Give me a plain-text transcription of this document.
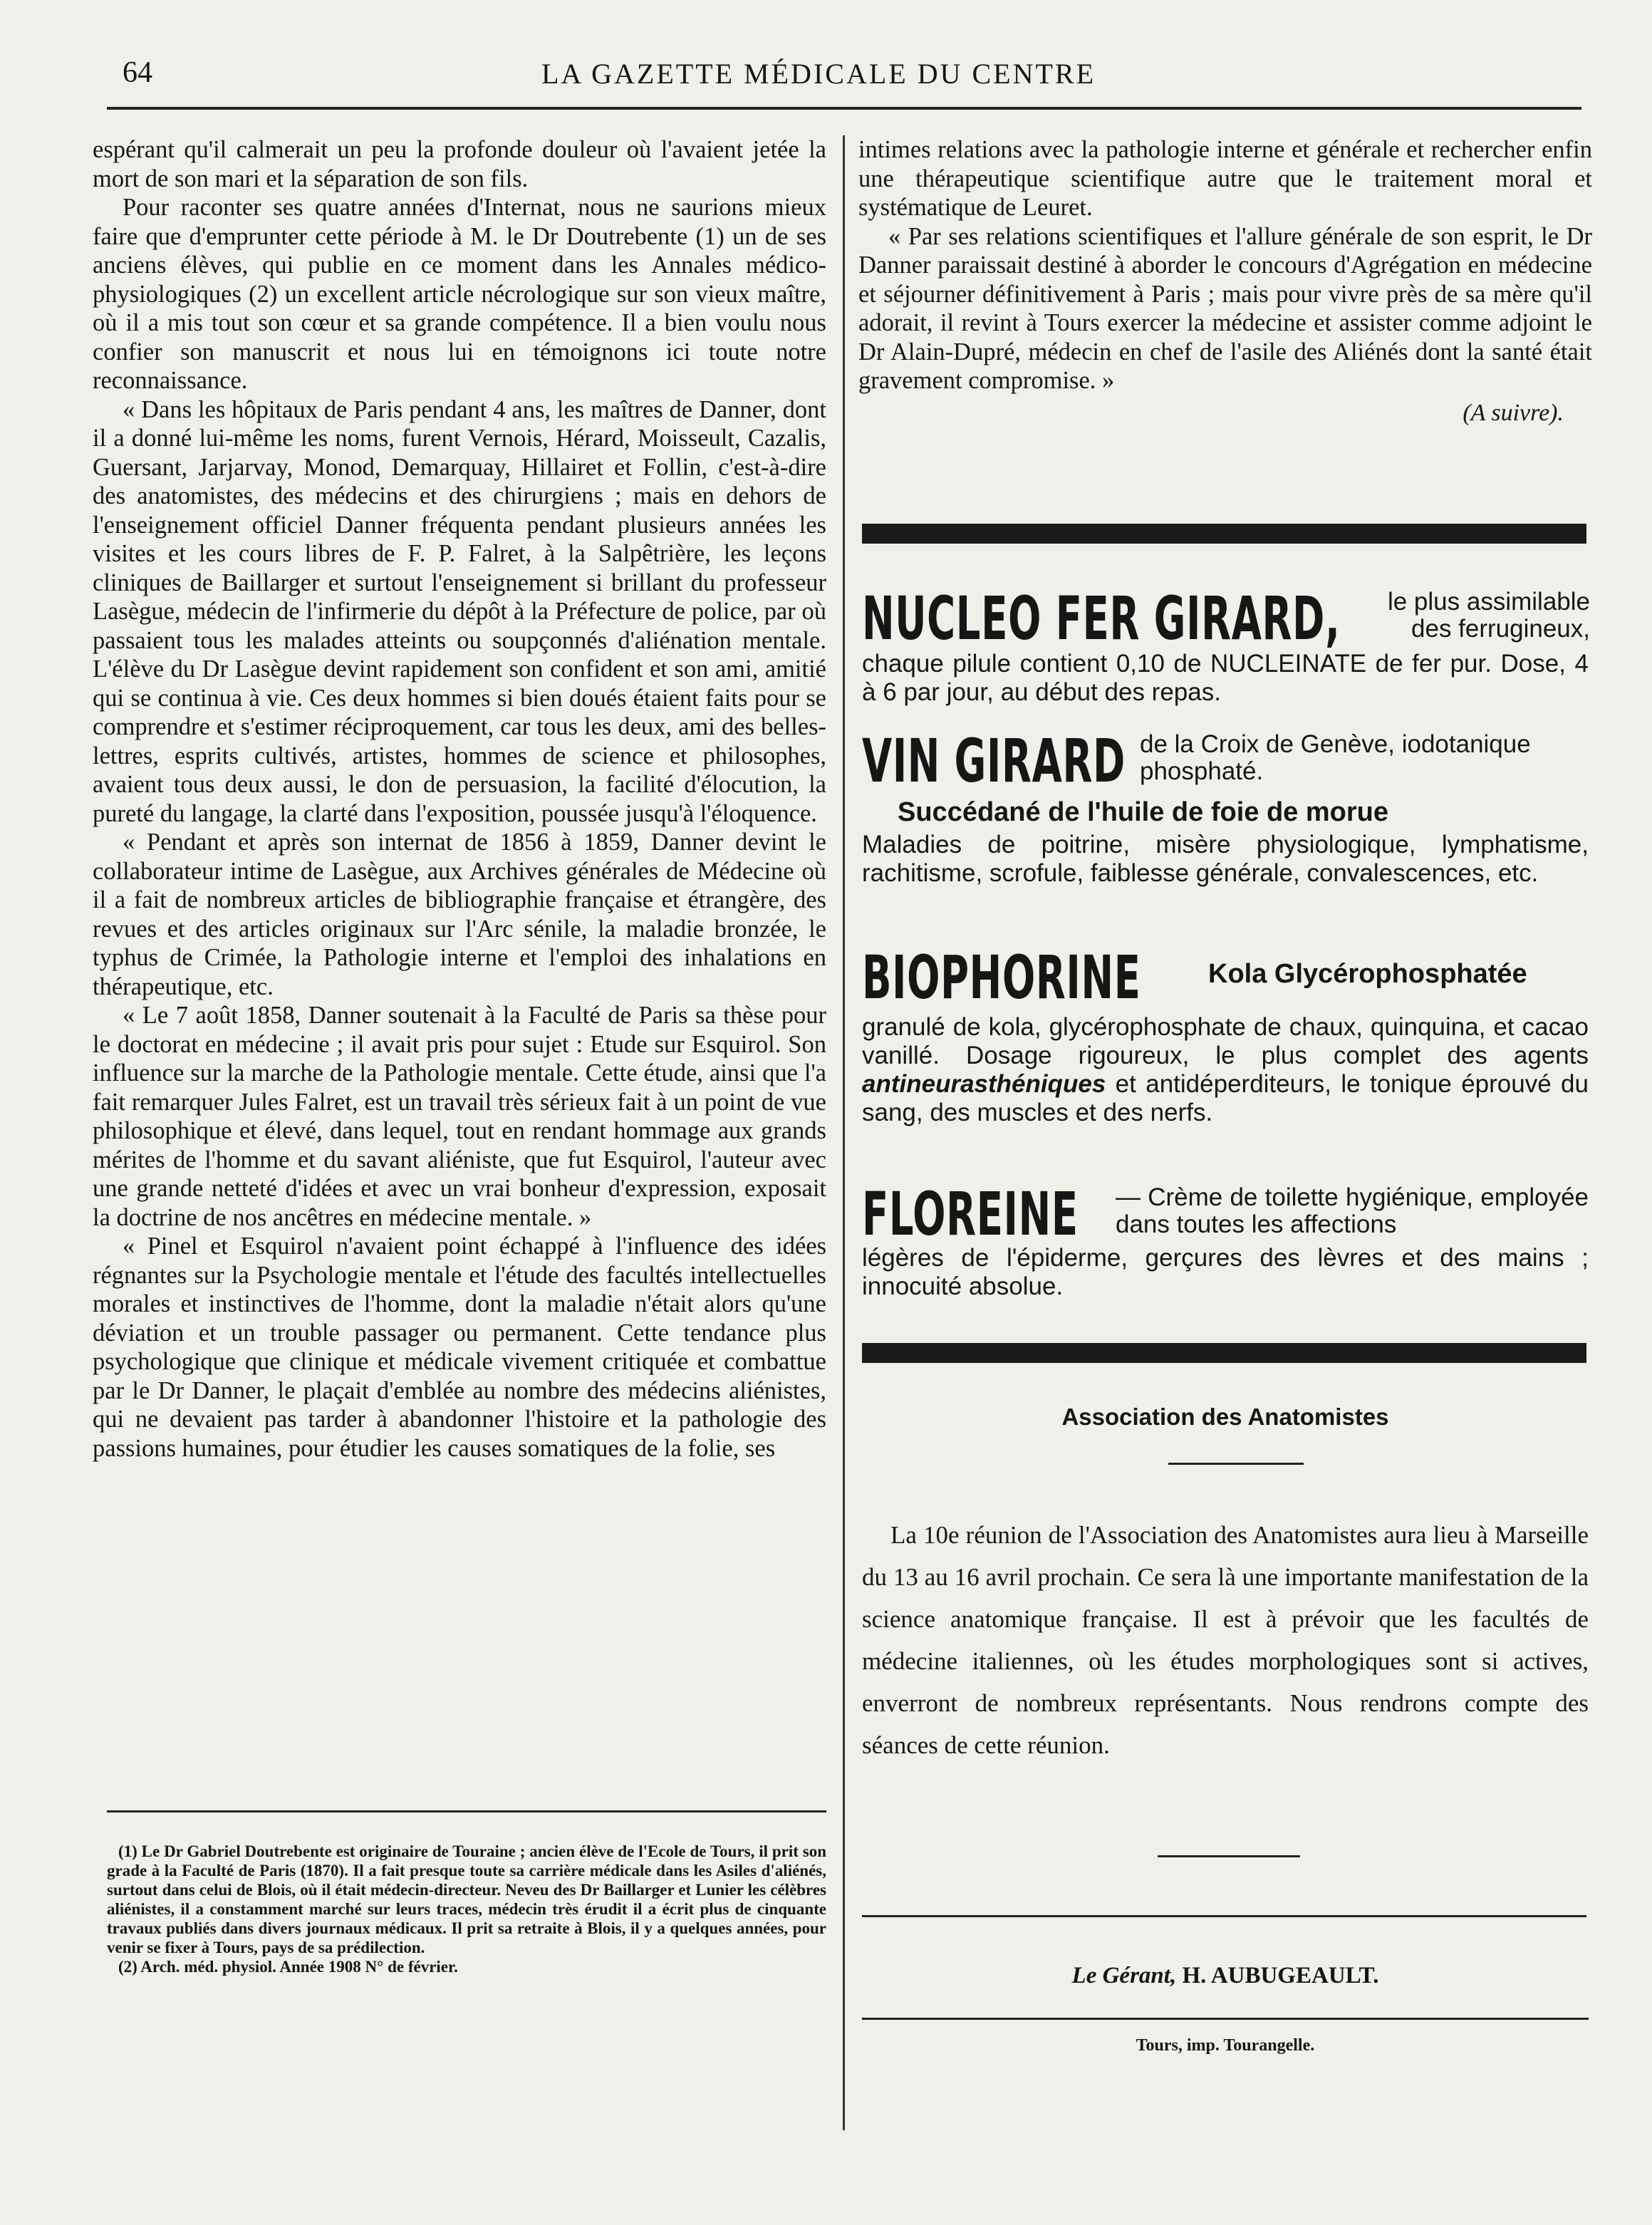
64	LA GAZETTE MÉDICALE DU CENTRE

espérant qu'il calmerait un peu la profonde douleur où l'avaient jetée la mort de son mari et la séparation de son fils.

Pour raconter ses quatre années d'Internat, nous ne saurions mieux faire que d'emprunter cette période à M. le Dr Doutrebente (1) un de ses anciens élèves, qui publie en ce moment dans les Annales médico-physiologiques (2) un excellent article nécrologique sur son vieux maître, où il a mis tout son cœur et sa grande compétence. Il a bien voulu nous confier son manuscrit et nous lui en témoignons ici toute notre reconnaissance.

« Dans les hôpitaux de Paris pendant 4 ans, les maîtres de Danner, dont il a donné lui-même les noms, furent Vernois, Hérard, Moisseult, Cazalis, Guersant, Jarjarvay, Monod, Demarquay, Hillairet et Follin, c'est-à-dire des anatomistes, des médecins et des chirurgiens ; mais en dehors de l'enseignement officiel Danner fréquenta pendant plusieurs années les visites et les cours libres de F. P. Falret, à la Salpêtrière, les leçons cliniques de Baillarger et surtout l'enseignement si brillant du professeur Lasègue, médecin de l'infirmerie du dépôt à la Préfecture de police, par où passaient tous les malades atteints ou soupçonnés d'aliénation mentale. L'élève du Dr Lasègue devint rapidement son confident et son ami, amitié qui se continua à vie. Ces deux hommes si bien doués étaient faits pour se comprendre et s'estimer réciproquement, car tous les deux, ami des belles-lettres, esprits cultivés, artistes, hommes de science et philosophes, avaient tous deux aussi, le don de persuasion, la facilité d'élocution, la pureté du langage, la clarté dans l'exposition, poussée jusqu'à l'éloquence.

« Pendant et après son internat de 1856 à 1859, Danner devint le collaborateur intime de Lasègue, aux Archives générales de Médecine où il a fait de nombreux articles de bibliographie française et étrangère, des revues et des articles originaux sur l'Arc sénile, la maladie bronzée, le typhus de Crimée, la Pathologie interne et l'emploi des inhalations en thérapeutique, etc.

« Le 7 août 1858, Danner soutenait à la Faculté de Paris sa thèse pour le doctorat en médecine ; il avait pris pour sujet : Etude sur Esquirol. Son influence sur la marche de la Pathologie mentale. Cette étude, ainsi que l'a fait remarquer Jules Falret, est un travail très sérieux fait à un point de vue philosophique et élevé, dans lequel, tout en rendant hommage aux grands mérites de l'homme et du savant aliéniste, que fut Esquirol, l'auteur avec une grande netteté d'idées et avec un vrai bonheur d'expression, exposait la doctrine de nos ancêtres en médecine mentale. »

« Pinel et Esquirol n'avaient point échappé à l'influence des idées régnantes sur la Psychologie mentale et l'étude des facultés intellectuelles morales et instinctives de l'homme, dont la maladie n'était alors qu'une déviation et un trouble passager ou permanent. Cette tendance plus psychologique que clinique et médicale vivement critiquée et combattue par le Dr Danner, le plaçait d'emblée au nombre des médecins aliénistes, qui ne devaient pas tarder à abandonner l'histoire et la pathologie des passions humaines, pour étudier les causes somatiques de la folie, ses

(1) Le Dr Gabriel Doutrebente est originaire de Touraine ; ancien élève de l'Ecole de Tours, il prit son grade à la Faculté de Paris (1870). Il a fait presque toute sa carrière médicale dans les Asiles d'aliénés, surtout dans celui de Blois, où il était médecin-directeur. Neveu des Dr Baillarger et Lunier les célèbres aliénistes, il a constamment marché sur leurs traces, médecin très érudit il a écrit plus de cinquante travaux publiés dans divers journaux médicaux. Il prit sa retraite à Blois, il y a quelques années, pour venir se fixer à Tours, pays de sa prédilection.

(2) Arch. méd. physiol. Année 1908 N° de février.

intimes relations avec la pathologie interne et générale et rechercher enfin une thérapeutique scientifique autre que le traitement moral et systématique de Leuret.

« Par ses relations scientifiques et l'allure générale de son esprit, le Dr Danner paraissait destiné à aborder le concours d'Agrégation en médecine et séjourner définitivement à Paris ; mais pour vivre près de sa mère qu'il adorait, il revint à Tours exercer la médecine et assister comme adjoint le Dr Alain-Dupré, médecin en chef de l'asile des Aliénés dont la santé était gravement compromise. »

(A suivre).

NUCLEO FER GIRARD,	le plus assimilable des ferrugineux,

chaque pilule contient 0,10 de NUCLEINATE de fer pur. Dose, 4 à 6 par jour, au début des repas.

VIN GIRARD de la Croix de Genève, iodotanique phosphaté.

Succédané de l'huile de foie de morue

Maladies de poitrine, misère physiologique, lymphatisme, rachitisme, scrofule, faiblesse générale, convalescences, etc.

BIOPHORINE Kola Glycérophosphatée

granulé de kola, glycérophosphate de chaux, quinquina, et cacao vanillé. Dosage rigoureux, le plus complet des agents antineurasthéniques et antidéperditeurs, le tonique éprouvé du sang, des muscles et des nerfs.

FLOREINE — Crème de toilette hygiénique, employée dans toutes les affections

légères de l'épiderme, gerçures des lèvres et des mains ; innocuité absolue.

Association des Anatomistes

La 10e réunion de l'Association des Anatomistes aura lieu à Marseille du 13 au 16 avril prochain. Ce sera là une importante manifestation de la science anatomique française. Il est à prévoir que les facultés de médecine italiennes, où les études morphologiques sont si actives, enverront de nombreux représentants. Nous rendrons compte des séances de cette réunion.

Le Gérant, H. AUBUGEAULT.
Tours, imp. Tourangelle.
